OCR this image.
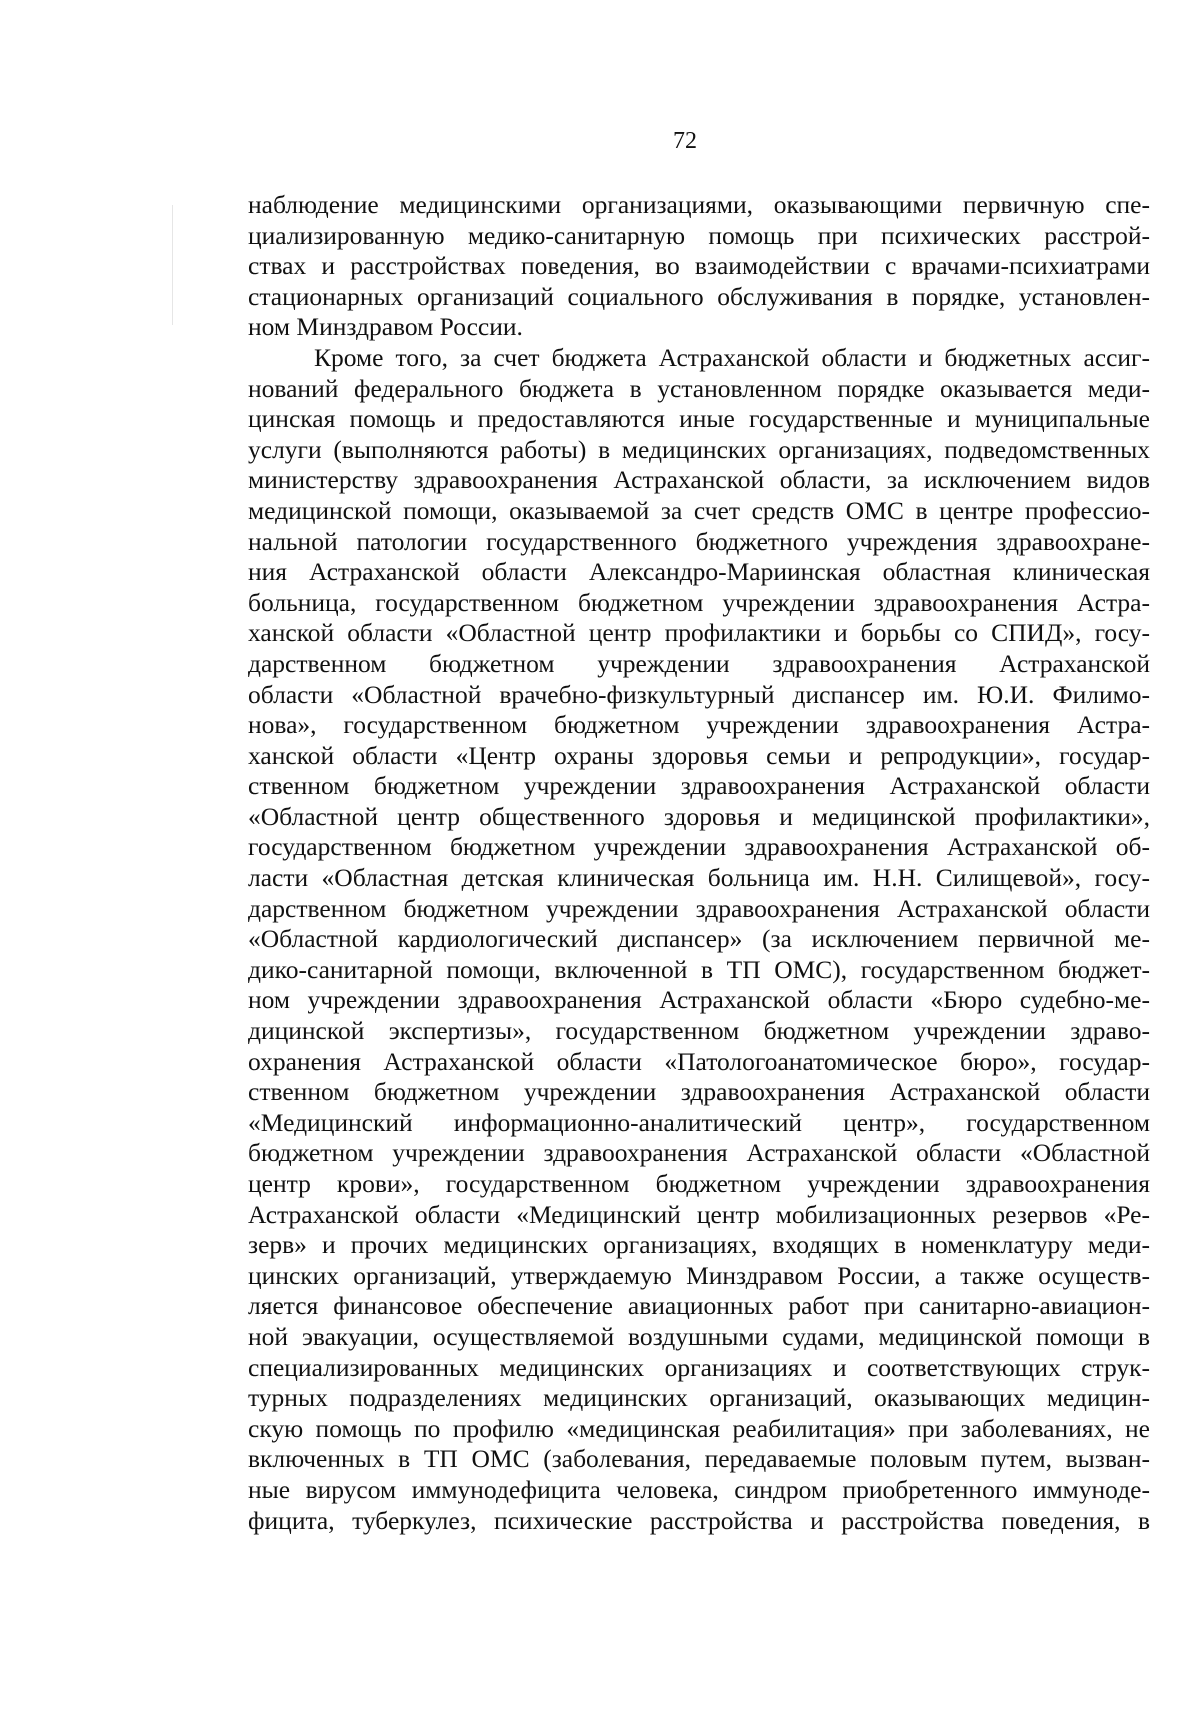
72
наблюдение медицинскими организациями, оказывающими первичную спе-
циализированную медико-санитарную помощь при психических расстрой-
ствах и расстройствах поведения, во взаимодействии с врачами-психиатрами
стационарных организаций социального обслуживания в порядке, установлен-
ном Минздравом России.
Кроме того, за счет бюджета Астраханской области и бюджетных ассиг-
нований федерального бюджета в установленном порядке оказывается меди-
цинская помощь и предоставляются иные государственные и муниципальные
услуги (выполняются работы) в медицинских организациях, подведомственных
министерству здравоохранения Астраханской области, за исключением видов
медицинской помощи, оказываемой за счет средств ОМС в центре профессио-
нальной патологии государственного бюджетного учреждения здравоохране-
ния Астраханской области Александро-Мариинская областная клиническая
больница, государственном бюджетном учреждении здравоохранения Астра-
ханской области «Областной центр профилактики и борьбы со СПИД», госу-
дарственном бюджетном учреждении здравоохранения Астраханской
области «Областной врачебно-физкультурный диспансер им. Ю.И. Филимо-
нова», государственном бюджетном учреждении здравоохранения Астра-
ханской области «Центр охраны здоровья семьи и репродукции», государ-
ственном бюджетном учреждении здравоохранения Астраханской области
«Областной центр общественного здоровья и медицинской профилактики»,
государственном бюджетном учреждении здравоохранения Астраханской об-
ласти «Областная детская клиническая больница им. Н.Н. Силищевой», госу-
дарственном бюджетном учреждении здравоохранения Астраханской области
«Областной кардиологический диспансер» (за исключением первичной ме-
дико-санитарной помощи, включенной в ТП ОМС), государственном бюджет-
ном учреждении здравоохранения Астраханской области «Бюро судебно-ме-
дицинской экспертизы», государственном бюджетном учреждении здраво-
охранения Астраханской области «Патологоанатомическое бюро», государ-
ственном бюджетном учреждении здравоохранения Астраханской области
«Медицинский информационно-аналитический центр», государственном
бюджетном учреждении здравоохранения Астраханской области «Областной
центр крови», государственном бюджетном учреждении здравоохранения
Астраханской области «Медицинский центр мобилизационных резервов «Ре-
зерв» и прочих медицинских организациях, входящих в номенклатуру меди-
цинских организаций, утверждаемую Минздравом России, а также осуществ-
ляется финансовое обеспечение авиационных работ при санитарно-авиацион-
ной эвакуации, осуществляемой воздушными судами, медицинской помощи в
специализированных медицинских организациях и соответствующих струк-
турных подразделениях медицинских организаций, оказывающих медицин-
скую помощь по профилю «медицинская реабилитация» при заболеваниях, не
включенных в ТП ОМС (заболевания, передаваемые половым путем, вызван-
ные вирусом иммунодефицита человека, синдром приобретенного иммуноде-
фицита, туберкулез, психические расстройства и расстройства поведения, в
